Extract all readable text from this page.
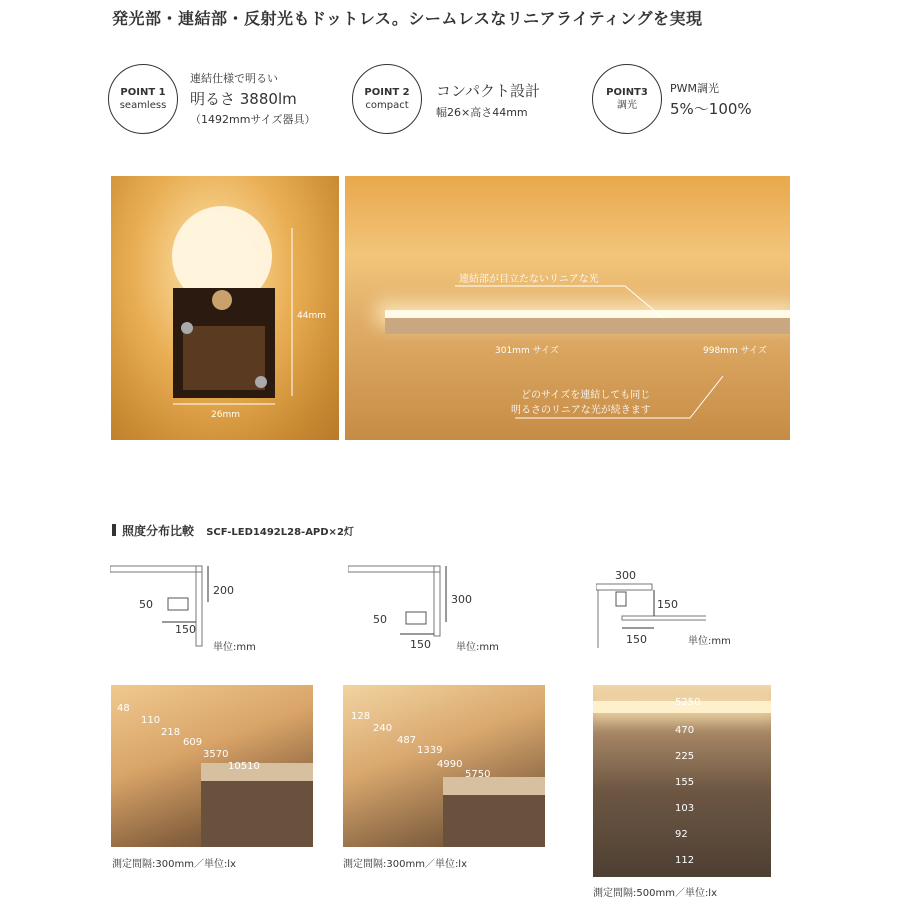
発光部・連結部・反射光もドットレス。シームレスなリニアライティングを実現
POINT 1
seamless
連結仕様で明るい
明るさ 3880lm
（1492mmサイズ器具）
POINT 2
compact
コンパクト設計
幅26×高さ44mm
POINT3
調光
PWM調光
5%～100%
44mm
26mm
連結部が目立たないリニアな光
301mm サイズ	998mm サイズ
どのサイズを連結しても同じ
明るさのリニアな光が続きます
照度分布比較 SCF-LED1492L28-APD×2灯
200
50
150
単位:mm
300
50
150	単位:mm
300
150
150	単位:mm
48
110
218
609
3570
10510
測定間隔:300mm／単位:lx
128
240
487
1339
4990
5750
測定間隔:300mm／単位:lx
5250
470
225
155
103
92
112
測定間隔:500mm／単位:lx
